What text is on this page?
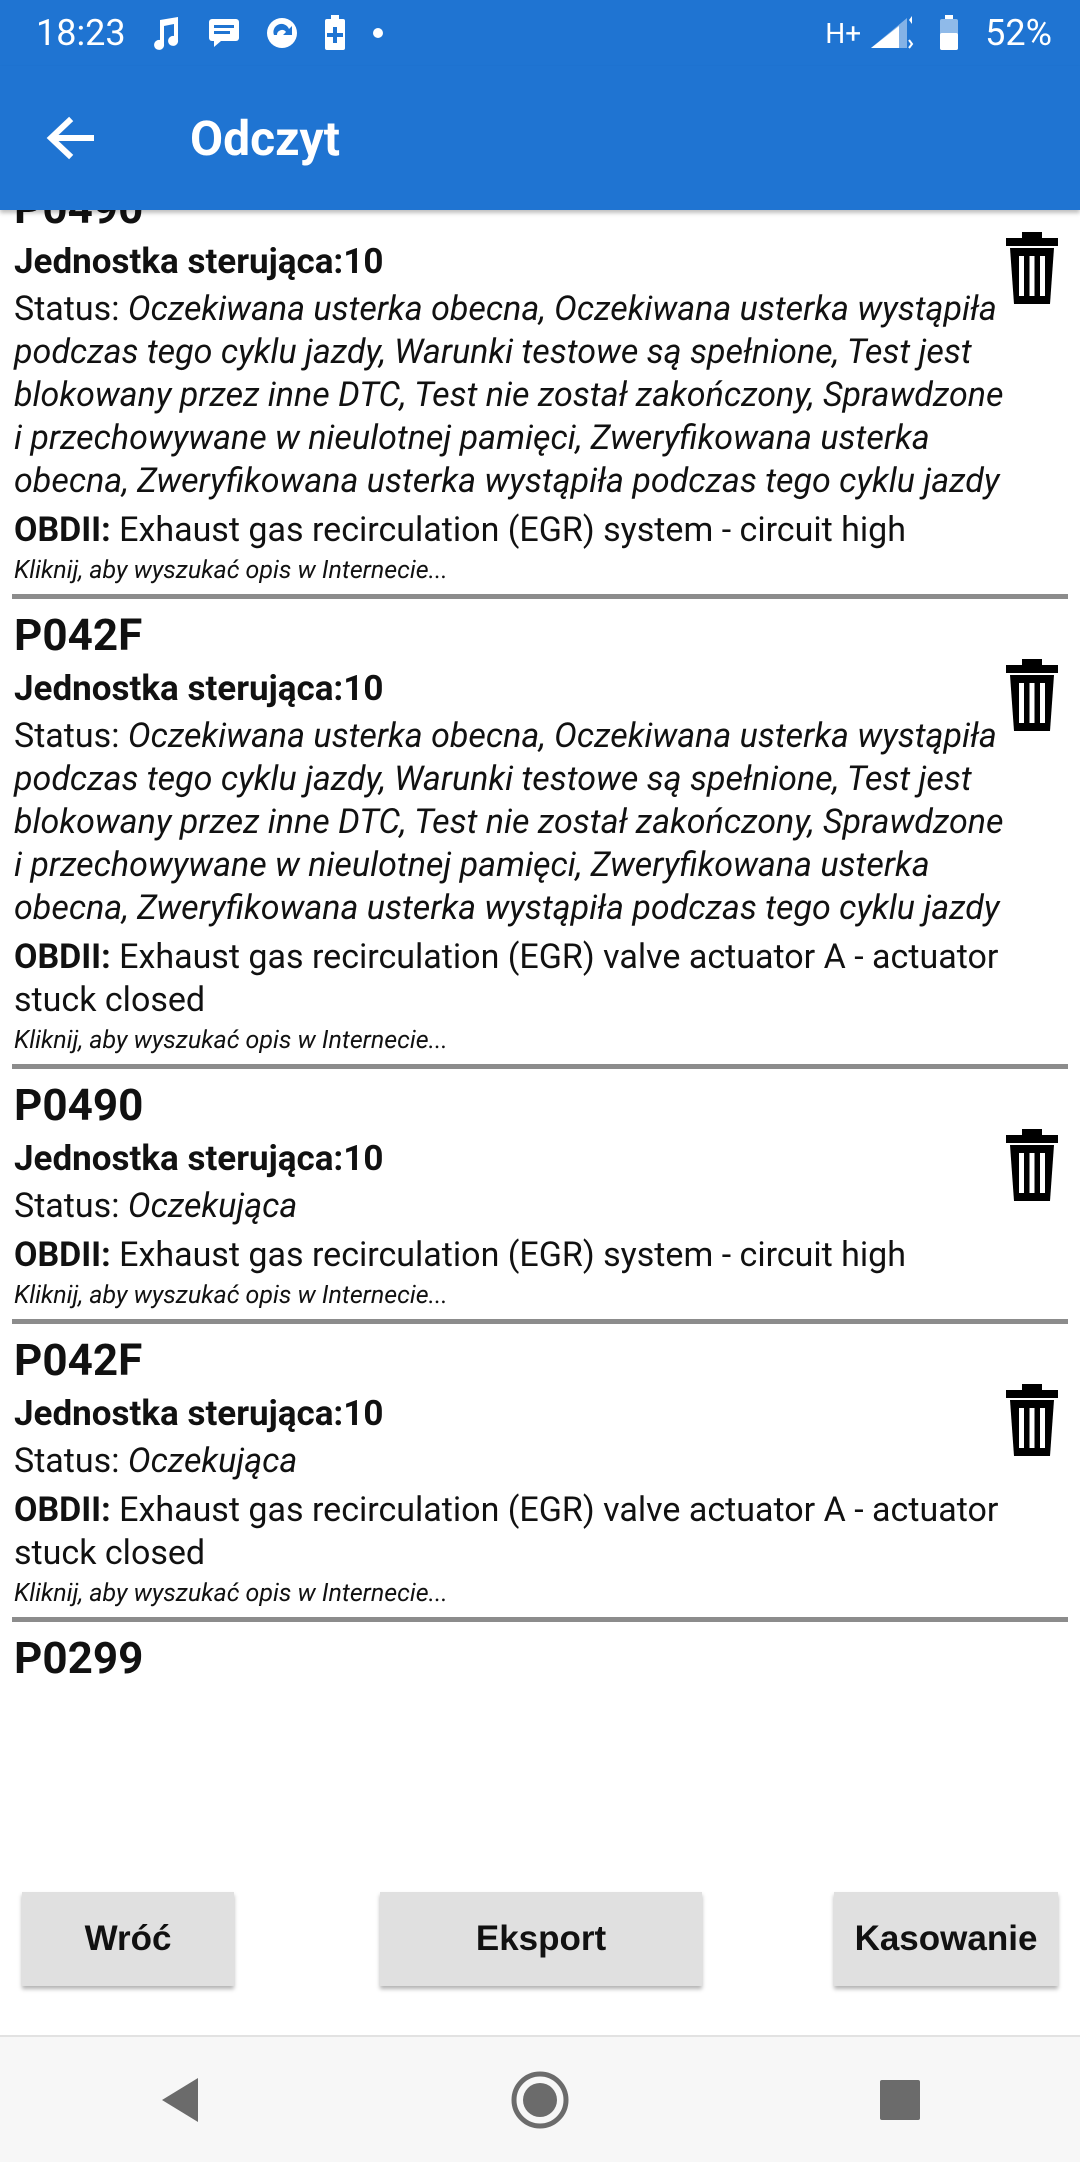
18:23	H+	52%
Odczyt
Jednostka sterująca:10
Status: Oczekiwana usterka obecna, Oczekiwana usterka wystąpiła podczas tego cyklu jazdy, Warunki testowe są spełnione, Test jest blokowany przez inne DTC, Test nie został zakończony, Sprawdzone i przechowywane w nieulotnej pamięci, Zweryfikowana usterka obecna, Zweryfikowana usterka wystąpiła podczas tego cyklu jazdy
OBDII: Exhaust gas recirculation (EGR) system - circuit high
Kliknij, aby wyszukać opis w Internecie...
P042F
Jednostka sterująca:10
Status: Oczekiwana usterka obecna, Oczekiwana usterka wystąpiła podczas tego cyklu jazdy, Warunki testowe są spełnione, Test jest blokowany przez inne DTC, Test nie został zakończony, Sprawdzone i przechowywane w nieulotnej pamięci, Zweryfikowana usterka obecna, Zweryfikowana usterka wystąpiła podczas tego cyklu jazdy
OBDII: Exhaust gas recirculation (EGR) valve actuator A - actuator stuck closed
Kliknij, aby wyszukać opis w Internecie...
P0490
Jednostka sterująca:10
Status: Oczekująca
OBDII: Exhaust gas recirculation (EGR) system - circuit high
Kliknij, aby wyszukać opis w Internecie...
P042F
Jednostka sterująca:10
Status: Oczekująca
OBDII: Exhaust gas recirculation (EGR) valve actuator A - actuator stuck closed
Kliknij, aby wyszukać opis w Internecie...
P0299
Wróć	Eksport	Kasowanie
